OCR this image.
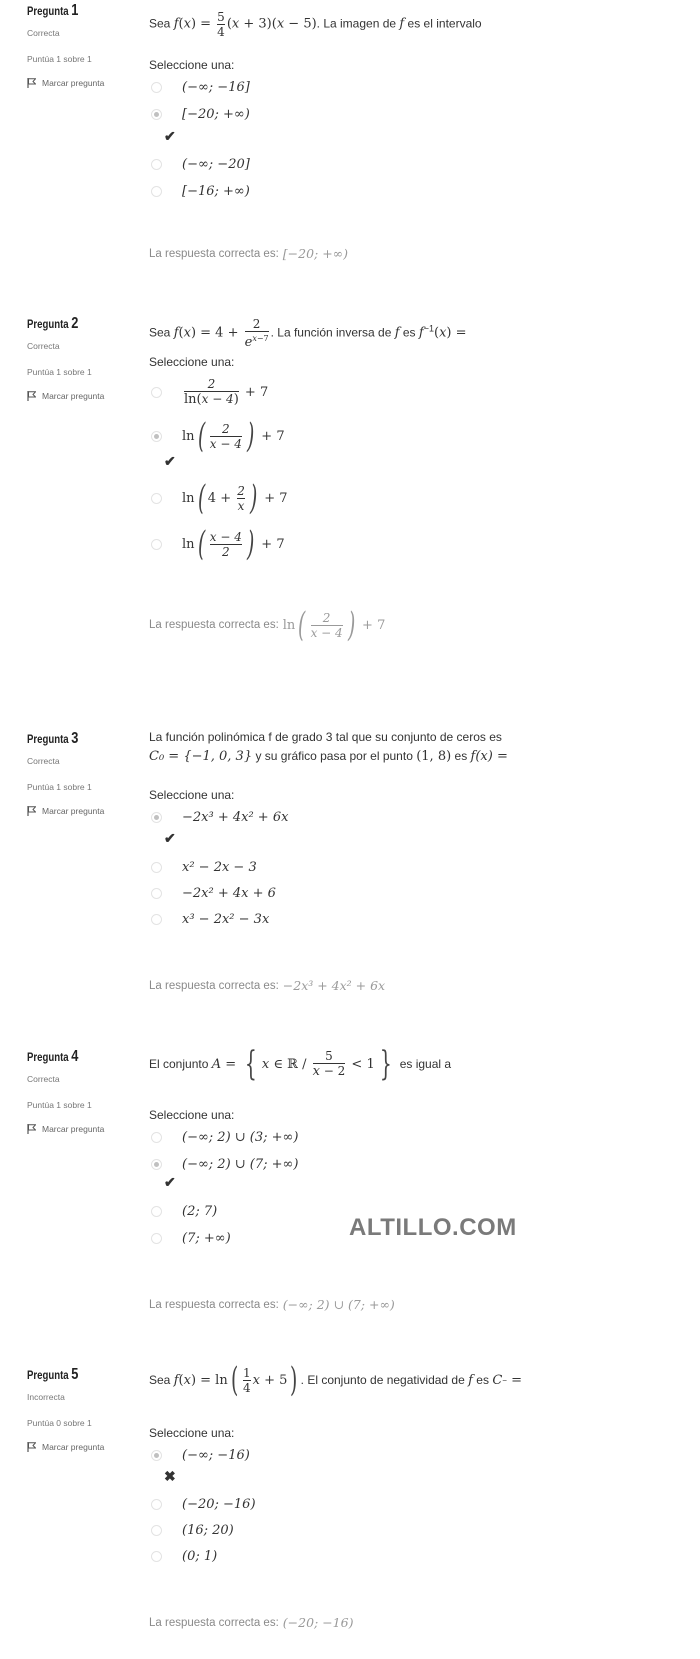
Pregunta 1
Correcta
Puntúa 1 sobre 1
Marcar pregunta
Sea $f(x) = \frac{5}{4} (x + 3)(x - 5)$. La imagen de f es el intervalo
Seleccione una:
(−∞; −16]
[−20; +∞)
✔
(−∞; −20]
[−16; +∞)
La respuesta correcta es: [−20; +∞)
Pregunta 2
Correcta
Puntúa 1 sobre 1
Marcar pregunta
Sea $f(x) = 4 + \frac{2}{e^{x-7}}$ . La función inversa de f es $f^{-1}(x)$ =
Seleccione una:
$\frac{2}{\ln(x - 4)} + 7$
ln ( $\frac{2}{x - 4}$ ) + 7
✔
ln ( $4 + \frac{2}{x}$ ) + 7
ln ( $\frac{x - 4}{2}$ ) + 7
La respuesta correcta es: ln ( $\frac{2}{x - 4}$ ) + 7
Pregunta 3
Correcta
Puntúa 1 sobre 1
Marcar pregunta
La función polinómica f de grado 3 tal que su conjunto de ceros es
C₀ = {−1, 0, 3} y su gráfico pasa por el punto (1, 8) es f(x) =
Seleccione una:
−2x³ + 4x² + 6x
✔
x² − 2x − 3
−2x² + 4x + 6
x³ − 2x² − 3x
La respuesta correcta es: −2x³ + 4x² + 6x
Pregunta 4
Correcta
Puntúa 1 sobre 1
Marcar pregunta
El conjunto
A = { x ∈ ℝ / $\frac{5}{x - 2} < 1$ }
es igual a
Seleccione una:
(−∞; 2) ∪ (3; +∞)
(−∞; 2) ∪ (7; +∞)
✔
(2; 7)
(7; +∞)
La respuesta correcta es: (−∞; 2) ∪ (7; +∞)
Pregunta 5
Incorrecta
Puntúa 0 sobre 1
Marcar pregunta
Sea
f ( x ) = ln ( $\frac{1}{4}$ x + 5 ) . El conjunto de negatividad de
f
es
C − =
Seleccione una:
(−∞; −16)
✖
(−20; −16)
(16; 20)
(0; 1)
La respuesta correcta es: (−20; −16)
ALTILLO.COM
